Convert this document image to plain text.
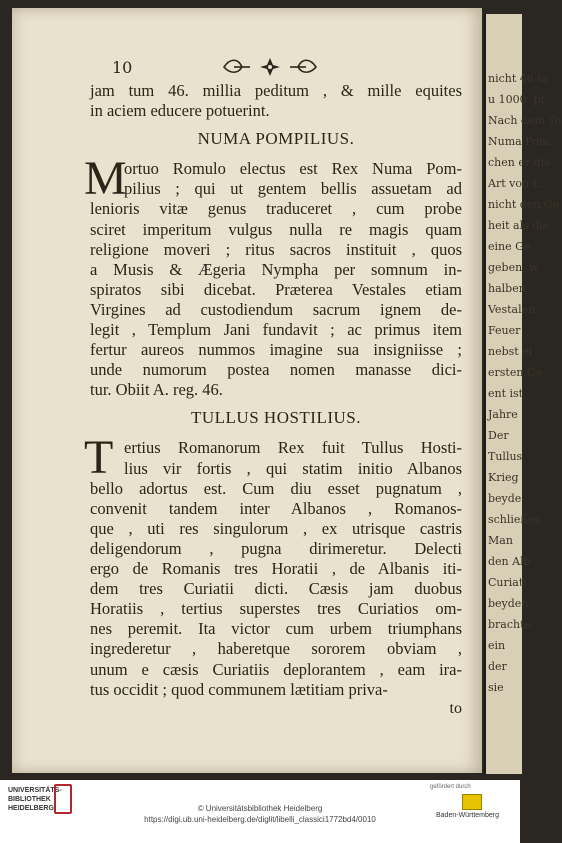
10
jam tum 46. millia peditum , & mille equites
in aciem educere potuerint.
NUMA POMPILIUS.
M
ortuo Romulo electus est Rex Numa Pom-
pilius ; qui ut gentem bellis assuetam ad
lenioris vitæ genus traduceret , cum probe
sciret imperitum vulgus nulla re magis quam
religione moveri ; ritus sacros instituit , quos
a Musis & Ægeria Nympha per somnum in-
spiratos sibi dicebat. Præterea Vestales etiam
Virgines ad custodiendum sacrum ignem de-
legit , Templum Jani fundavit ; ac primus item
fertur aureos nummos imagine sua insigniisse ;
unde numorum postea nomen manasse dici-
tur. Obiit A. reg. 46.
TULLUS HOSTILIUS.
T ertius Romanorum Rex fuit Tullus Hosti-
lius vir fortis , qui statim initio Albanos
bello adortus est. Cum diu esset pugnatum ,
convenit tandem inter Albanos , Romanos-
que , uti res singulorum , ex utrisque castris
deligendorum , pugna dirimeretur. Delecti
ergo de Romanis tres Horatii , de Albanis iti-
dem tres Curiatii dicti. Cæsis jam duobus
Horatiis , tertius superstes tres Curiatios om-
nes peremit. Ita victor cum urbem triumphans
ingrederetur , haberetque sororem obviam ,
unum e cæsis Curiatiis deplorantem , eam ira-
tus occidit ; quod communem lætitiam priva-
to
nicht 46 ta
u 1000. pf
Nach dem To
Numa Pom
chen er die
Art von L
nicht den Ge
heit als die
eine Ge
geben, w
halben
Vestalen
Feuer
nebst ei
ersten Ge
ent ist,
Jahre
Der
Tullus
Krieg
beyde
schließen
Man
den Alb
Curiati
beyden
brachte
ein
der
sie
UNIVERSITÄTS-
BIBLIOTHEK
HEIDELBERG	© Universitätsbibliothek Heidelberg
https://digi.ub.uni-heidelberg.de/diglit/libelli_classici1772bd4/0010
gefördert durch
Baden-Württemberg
